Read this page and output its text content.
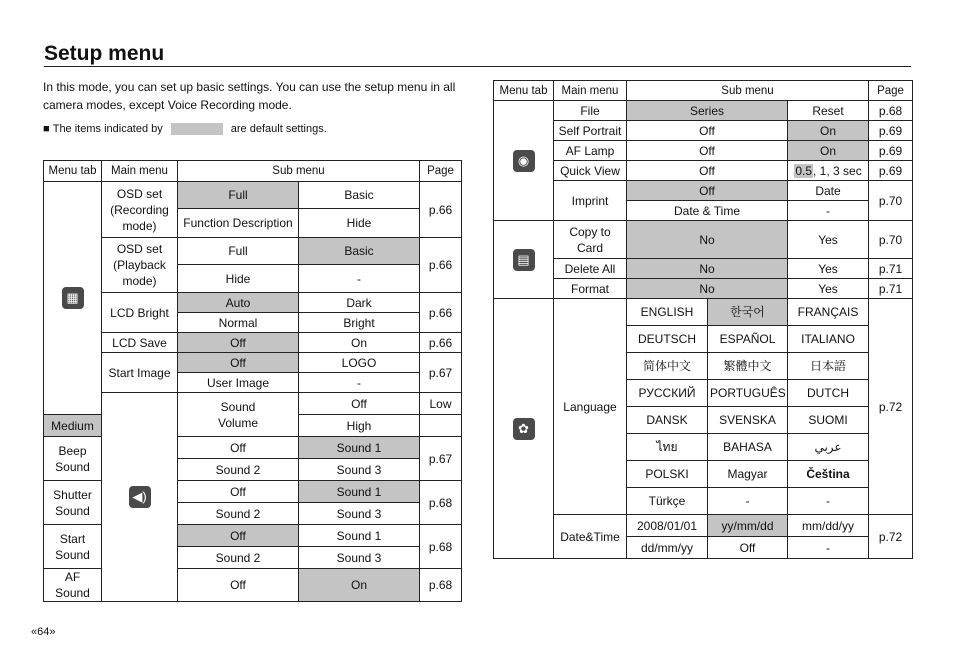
Setup menu
In this mode, you can set up basic settings. You can use the setup menu in all camera modes, except Voice Recording mode.
■
The items indicated by	are default settings.
Menu tab	Main menu	Sub menu		Page	
▦	OSD set
(Recording
mode)	Full	Basic	p.66	
		Function Description	Hide		
	OSD set
(Playback
mode)	Full	Basic	p.66	
		Hide	-		
	LCD Bright	Auto	Dark	p.66	
		Normal	Bright		
	LCD Save	Off	On	p.66	
	Start Image	Off	LOGO	p.67	
		User Image	-		
	◀)	Sound
Volume	Off	Low	
Medium			High		
Beep Sound		Off	Sound 1	p.67	
		Sound 2	Sound 3		
Shutter
Sound		Off	Sound 1	p.68	
		Sound 2	Sound 3		
Start Sound		Off	Sound 1	p.68	
		Sound 2	Sound 3		
AF Sound		Off	On	p.68	
Menu tab	Main menu	Sub menu			Page
◉	File	Series		Reset	p.68
	Self Portrait	Off		On	p.69
	AF Lamp	Off		On	p.69
	Quick View	Off		0.5, 1, 3 sec	p.69
	Imprint	Off		Date	p.70
		Date & Time		-	
▤	Copy to
Card	No		Yes	p.70
	Delete All	No		Yes	p.71
	Format	No		Yes	p.71
✿	Language	ENGLISH	한국어	FRANÇAIS	p.72
		DEUTSCH	ESPAÑOL	ITALIANO	
		简体中文	繁體中文	日本語	
		РУССКИЙ	PORTUGUÊS	DUTCH	
		DANSK	SVENSKA	SUOMI	
		ไทย	BAHASA	عربي	
		POLSKI	Magyar	Čeština	
		Türkçe	-	-	
	Date&Time	2008/01/01	yy/mm/dd	mm/dd/yy	p.72
		dd/mm/yy	Off	-	
«64»
